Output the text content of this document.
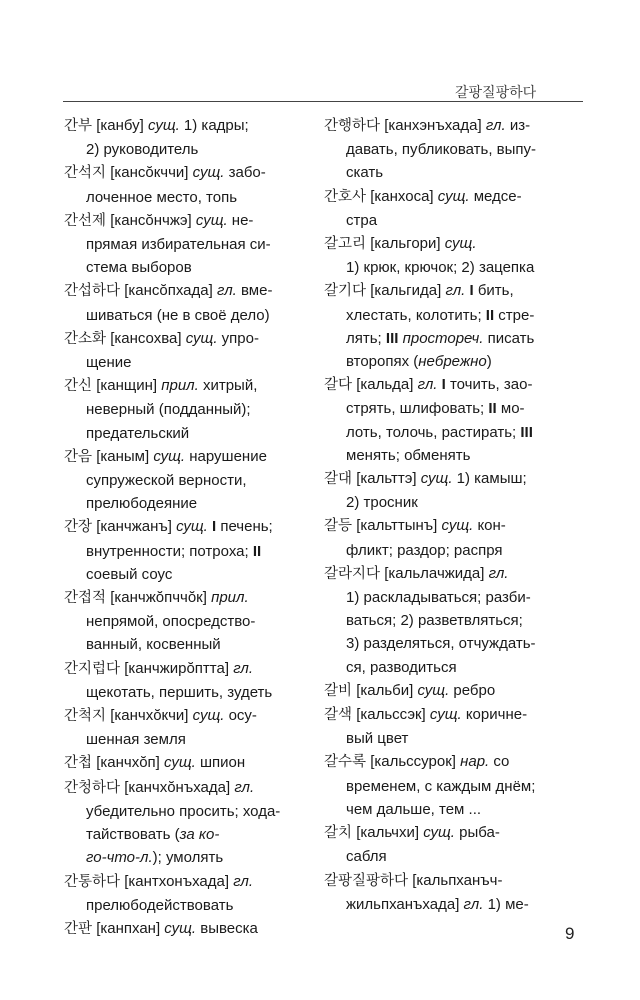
갈팡질팡하다

간부 [канбу] сущ. 1) кадры;
2) руководитель

간석지 [кансŏкччи] сущ. забо-
лоченное место, топь

간선제 [кансŏнчжэ] сущ. не-
прямая избирательная си-
стема выборов

간섭하다 [кансŏпхада] гл. вме-
шиваться (не в своё дело)

간소화 [кансохва] сущ. упро-
щение

간신 [канщин] прил. хитрый,
неверный (подданный);
предательский

간음 [каным] сущ. нарушение
супружеской верности,
прелюбодеяние

간장 [канчжанъ] сущ. I печень;
внутренности; потроха; II
соевый соус

간접적 [канчжŏпччŏк] прил.
непрямой, опосредство-
ванный, косвенный

간지럽다 [канчжирŏптта] гл.
щекотать, першить, зудеть

간척지 [канчхŏкчи] сущ. осу-
шенная земля

간첩 [канчхŏп] сущ. шпион

간청하다 [канчхŏнъхада] гл.
убедительно просить; хода-
тайствовать (за ко-
го-что-л.); умолять

간통하다 [кантхонъхада] гл.
прелюбодействовать

간판 [канпхан] сущ. вывеска

간행하다 [канхэнъхада] гл. из-
давать, публиковать, выпу-
скать

간호사 [канхоса] сущ. медсе-
стра

갈고리 [кальгори] сущ.
1) крюк, крючок; 2) зацепка

갈기다 [кальгида] гл. I бить,
хлестать, колотить; II стре-
лять; III простореч. писать
второпях (небрежно)

갈다 [кальда] гл. I точить, зао-
стрять, шлифовать; II мо-
лоть, толочь, растирать; III
менять; обменять

갈대 [кальттэ] сущ. 1) камыш;
2) тросник

갈등 [кальттынъ] сущ. кон-
фликт; раздор; распря

갈라지다 [кальлачжида] гл.
1) раскладываться; разби-
ваться; 2) разветвляться;
3) разделяться, отчуждать-
ся, разводиться

갈비 [кальби] сущ. ребро

갈색 [кальссэк] сущ. коричне-
вый цвет

갈수록 [кальссурок] нар. со
временем, с каждым днём;
чем дальше, тем ...

갈치 [кальчхи] сущ. рыба-
сабля

갈팡질팡하다 [кальпханъч-
жильпханъхада] гл. 1) ме-

9
